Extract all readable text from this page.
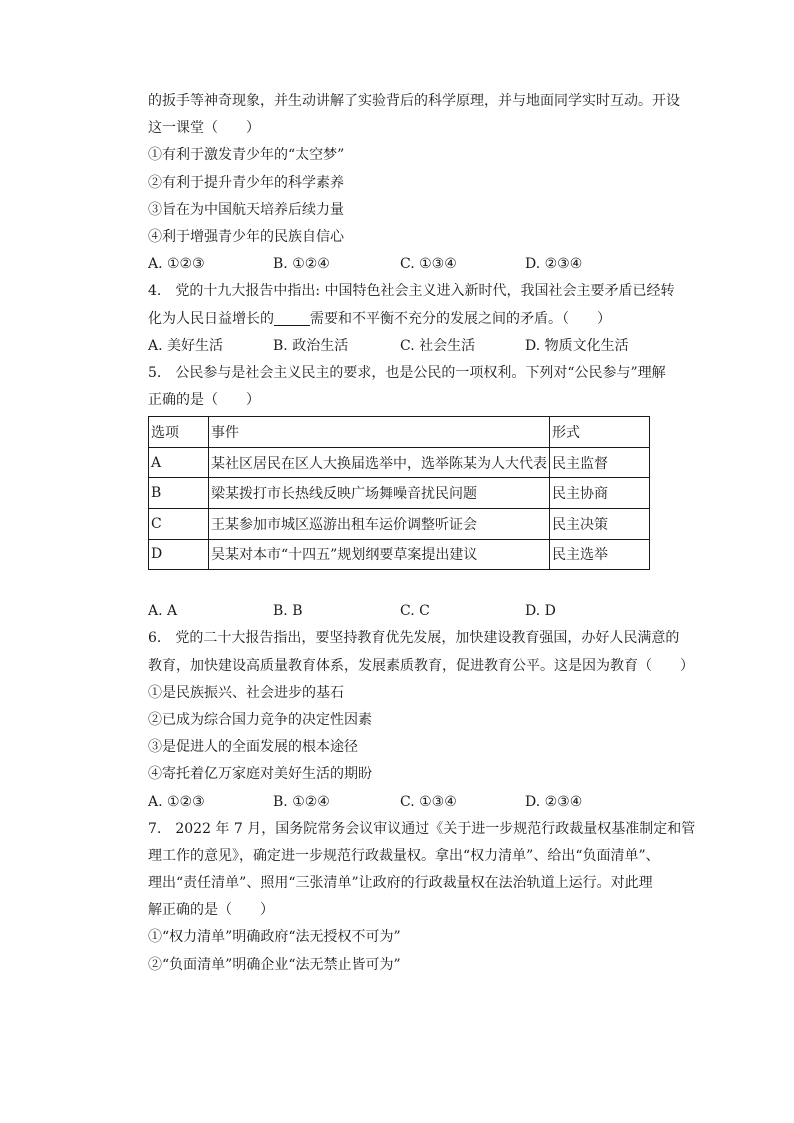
的扳手等神奇现象，并生动讲解了实验背后的科学原理，并与地面同学实时互动。开设
这一课堂（　　）
①有利于激发青少年的“太空梦”
②有利于提升青少年的科学素养
③旨在为中国航天培养后续力量
④利于增强青少年的民族自信心
A. ①②③	B. ①②④	C. ①③④	D. ②③④
4.　党的十九大报告中指出: 中国特色社会主义进入新时代，我国社会主要矛盾已经转
化为人民日益增长的	需要和不平衡不充分的发展之间的矛盾。（　　）
A. 美好生活	B. 政治生活	C. 社会生活	D. 物质文化生活
5.　公民参与是社会主义民主的要求，也是公民的一项权利。下列对“公民参与”理解
正确的是（　　）
选项	事件	形式
A	某社区居民在区人大换届选举中，选举陈某为人大代表	民主监督
B	梁某拨打市长热线反映广场舞噪音扰民问题	民主协商
C	王某参加市城区巡游出租车运价调整听证会	民主决策
D	吴某对本市“十四五”规划纲要草案提出建议	民主选举
A. A	B. B	C. C	D. D
6.　党的二十大报告指出，要坚持教育优先发展，加快建设教育强国，办好人民满意的
教育，加快建设高质量教育体系，发展素质教育，促进教育公平。这是因为教育（　　）
①是民族振兴、社会进步的基石
②已成为综合国力竞争的决定性因素
③是促进人的全面发展的根本途径
④寄托着亿万家庭对美好生活的期盼
A. ①②③	B. ①②④	C. ①③④	D. ②③④
7.　2022 年 7 月，国务院常务会议审议通过《关于进一步规范行政裁量权基准制定和管
理工作的意见》，确定进一步规范行政裁量权。拿出“权力清单”、给出“负面清单”、
理出“责任清单”、照用“三张清单”让政府的行政裁量权在法治轨道上运行。对此理
解正确的是（　　）
①“权力清单”明确政府“法无授权不可为”
②“负面清单”明确企业“法无禁止皆可为”
